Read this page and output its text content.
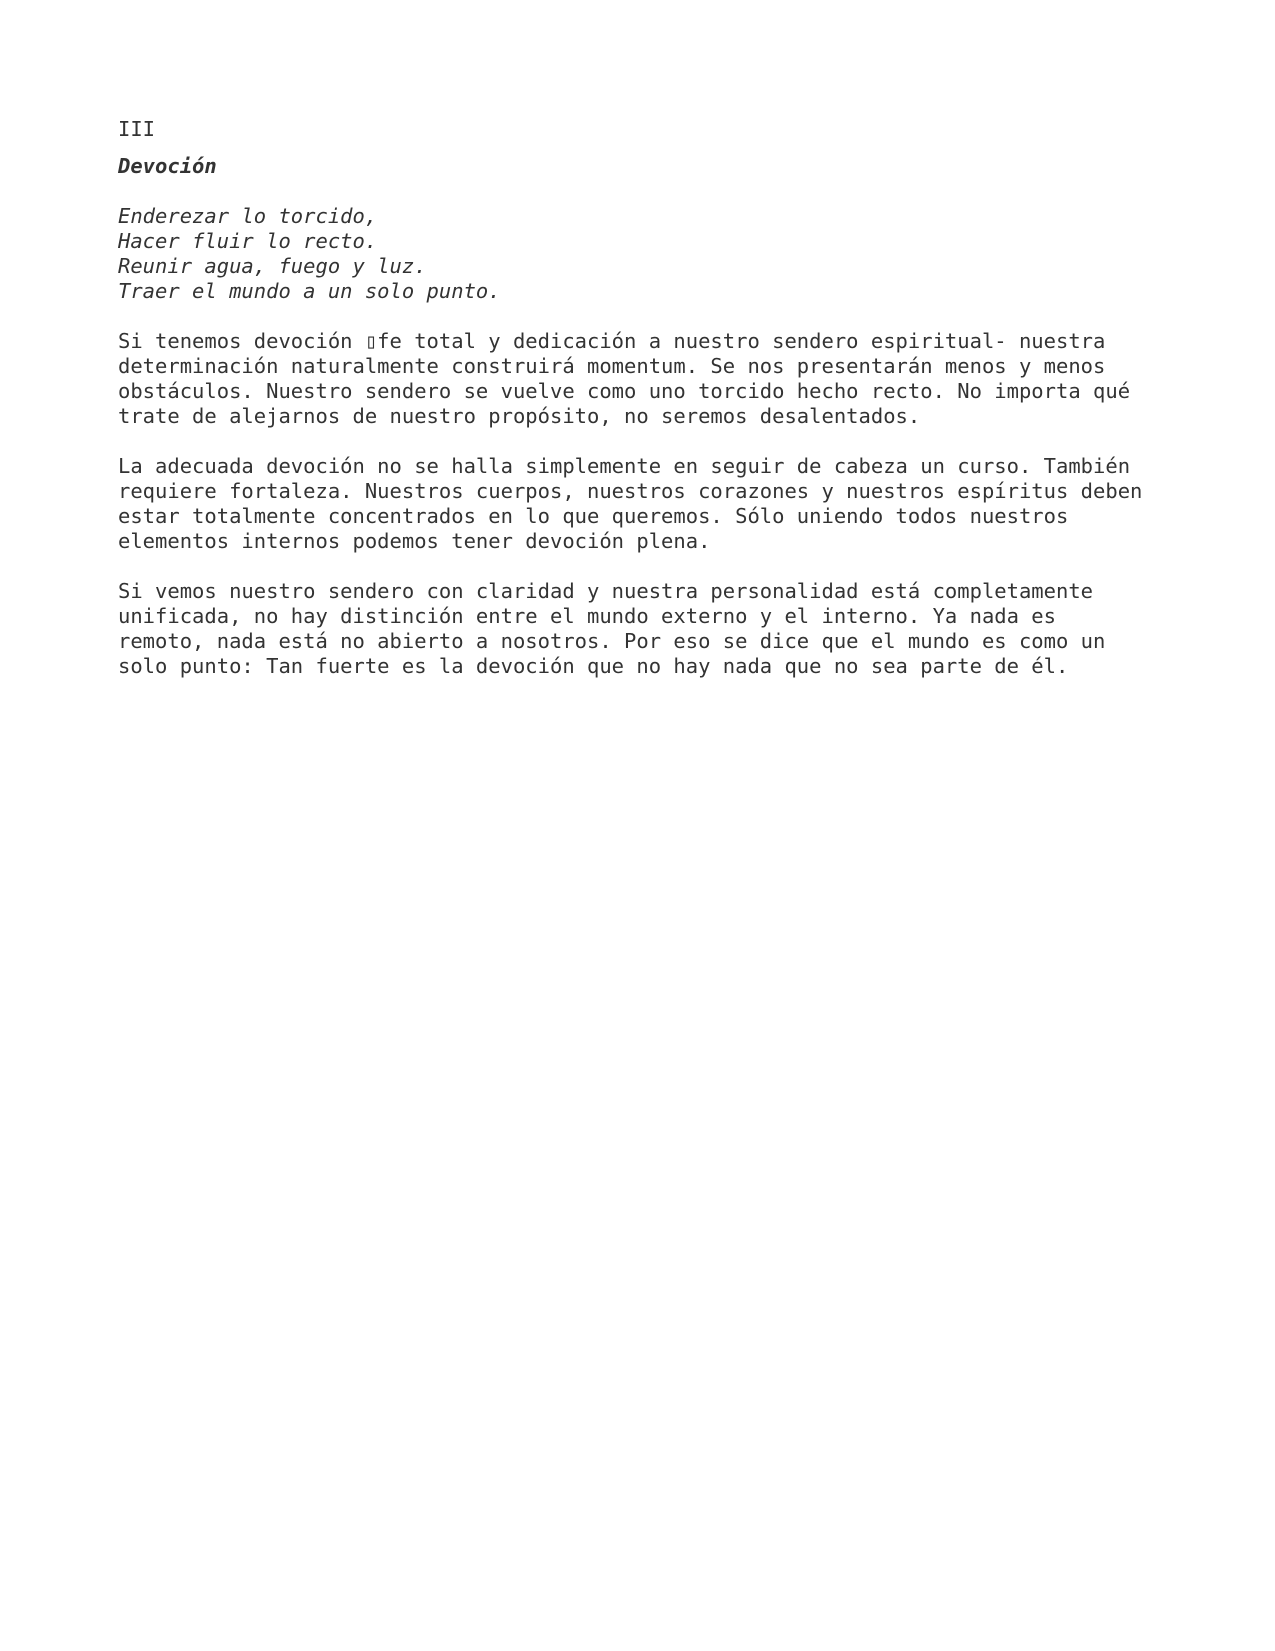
III
Devoción
Enderezar lo torcido,
Hacer fluir lo recto.
Reunir agua, fuego y luz.
Traer el mundo a un solo punto.
Si tenemos devoción ▯fe total y dedicación a nuestro sendero espiritual- nuestra
determinación naturalmente construirá momentum. Se nos presentarán menos y menos
obstáculos. Nuestro sendero se vuelve como uno torcido hecho recto. No importa qué
trate de alejarnos de nuestro propósito, no seremos desalentados.
La adecuada devoción no se halla simplemente en seguir de cabeza un curso. También
requiere fortaleza. Nuestros cuerpos, nuestros corazones y nuestros espíritus deben
estar totalmente concentrados en lo que queremos. Sólo uniendo todos nuestros
elementos internos podemos tener devoción plena.
Si vemos nuestro sendero con claridad y nuestra personalidad está completamente
unificada, no hay distinción entre el mundo externo y el interno. Ya nada es
remoto, nada está no abierto a nosotros. Por eso se dice que el mundo es como un
solo punto: Tan fuerte es la devoción que no hay nada que no sea parte de él.
